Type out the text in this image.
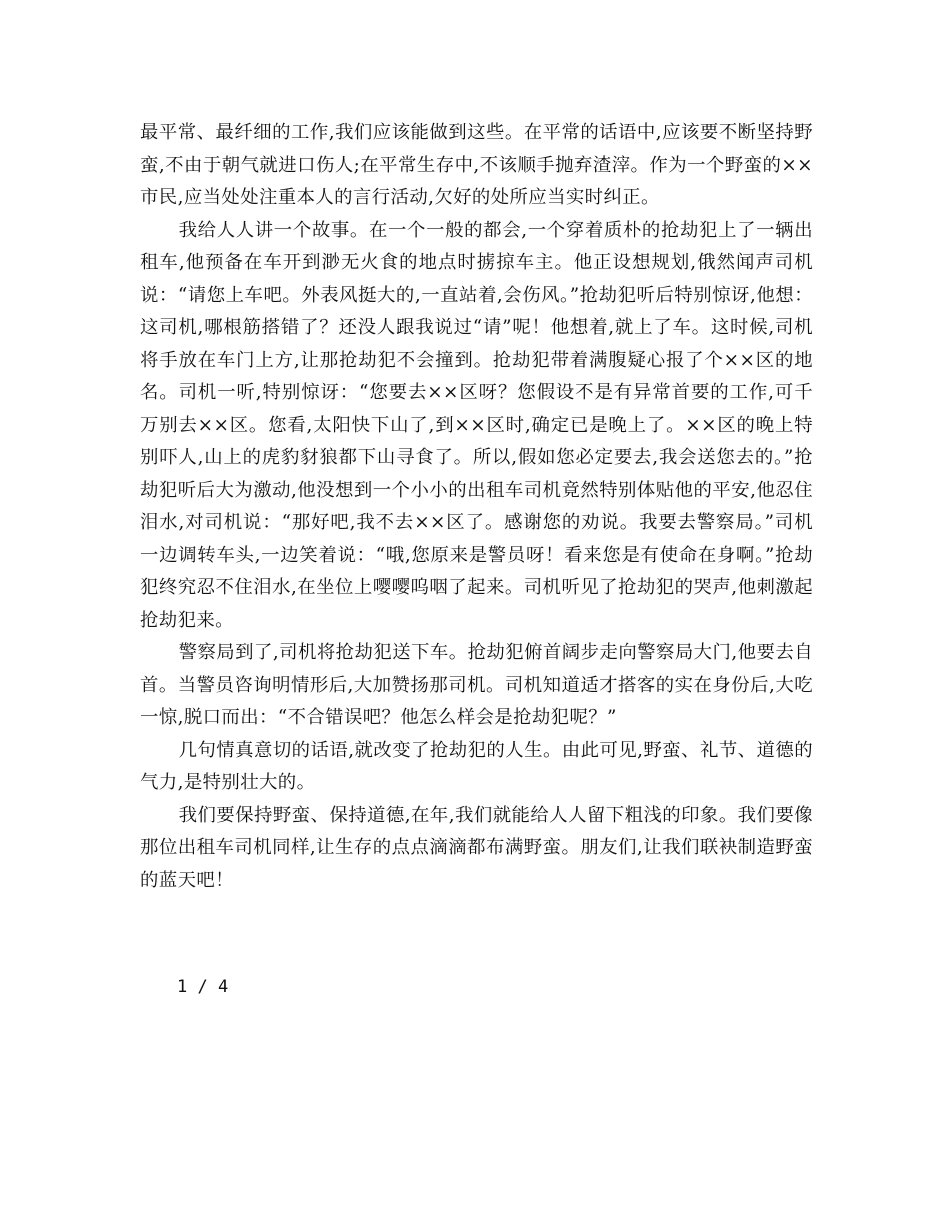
最平常、最纤细的工作,我们应该能做到这些。在平常的话语中,应该要不断坚持野蛮,不由于朝气就进口伤人;在平常生存中,不该顺手抛弃渣滓。作为一个野蛮的××市民,应当处处注重本人的言行活动,欠好的处所应当实时纠正。

我给人人讲一个故事。在一个一般的都会,一个穿着质朴的抢劫犯上了一辆出租车,他预备在车开到渺无火食的地点时掳掠车主。他正设想规划,俄然闻声司机说：“请您上车吧。外表风挺大的,一直站着,会伤风。”抢劫犯听后特别惊讶,他想：这司机,哪根筋搭错了？还没人跟我说过“请”呢！他想着,就上了车。这时候,司机将手放在车门上方,让那抢劫犯不会撞到。抢劫犯带着满腹疑心报了个××区的地名。司机一听,特别惊讶：“您要去××区呀？您假设不是有异常首要的工作,可千万别去××区。您看,太阳快下山了,到××区时,确定已是晚上了。××区的晚上特别吓人,山上的虎豹豺狼都下山寻食了。所以,假如您必定要去,我会送您去的。”抢劫犯听后大为激动,他没想到一个小小的出租车司机竟然特别体贴他的平安,他忍住泪水,对司机说：“那好吧,我不去××区了。感谢您的劝说。我要去警察局。”司机一边调转车头,一边笑着说：“哦,您原来是警员呀！看来您是有使命在身啊。”抢劫犯终究忍不住泪水,在坐位上嘤嘤呜咽了起来。司机听见了抢劫犯的哭声,他刺激起抢劫犯来。

警察局到了,司机将抢劫犯送下车。抢劫犯俯首阔步走向警察局大门,他要去自首。当警员咨询明情形后,大加赞扬那司机。司机知道适才搭客的实在身份后,大吃一惊,脱口而出：“不合错误吧？他怎么样会是抢劫犯呢？”

几句情真意切的话语,就改变了抢劫犯的人生。由此可见,野蛮、礼节、道德的气力,是特别壮大的。

我们要保持野蛮、保持道德,在年,我们就能给人人留下粗浅的印象。我们要像那位出租车司机同样,让生存的点点滴滴都布满野蛮。朋友们,让我们联袂制造野蛮的蓝天吧！

1 / 4
